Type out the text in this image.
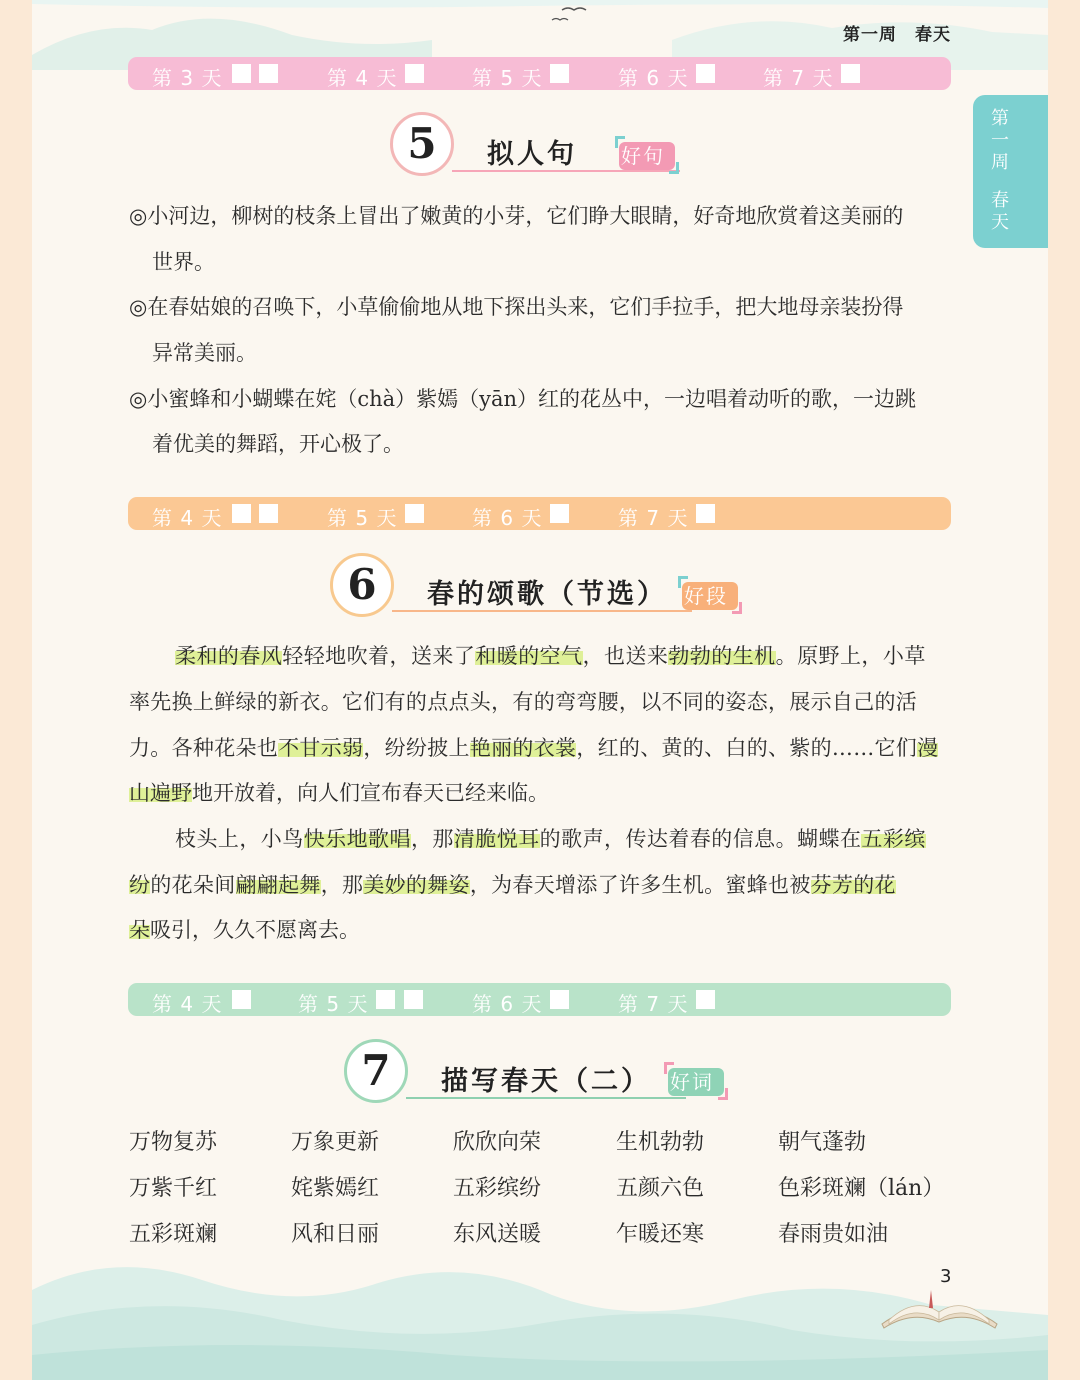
第一周　春天
第
一
周
春
天
第 3 天	第 4 天	第 5 天	第 6 天	第 7 天
5	拟人句 好句
◎小河边，柳树的枝条上冒出了嫩黄的小芽，它们睁大眼睛，好奇地欣赏着这美丽的
世界。
◎在春姑娘的召唤下，小草偷偷地从地下探出头来，它们手拉手，把大地母亲装扮得
异常美丽。
◎小蜜蜂和小蝴蝶在姹（chà）紫嫣（yān）红的花丛中，一边唱着动听的歌，一边跳
着优美的舞蹈，开心极了。
第 4 天	第 5 天	第 6 天	第 7 天
6	春的颂歌（节选） 好段
柔和的春风轻轻地吹着，送来了和暖的空气，也送来勃勃的生机。原野上，小草
率先换上鲜绿的新衣。它们有的点点头，有的弯弯腰，以不同的姿态，展示自己的活
力。各种花朵也不甘示弱，纷纷披上艳丽的衣裳，红的、黄的、白的、紫的……它们漫
山遍野地开放着，向人们宣布春天已经来临。
枝头上，小鸟快乐地歌唱，那清脆悦耳的歌声，传达着春的信息。蝴蝶在五彩缤
纷的花朵间翩翩起舞，那美妙的舞姿，为春天增添了许多生机。蜜蜂也被芬芳的花
朵吸引，久久不愿离去。
第 4 天	第 5 天	第 6 天	第 7 天
7	描写春天（二） 好词
万物复苏	万象更新	欣欣向荣	生机勃勃	朝气蓬勃
万紫千红	姹紫嫣红	五彩缤纷	五颜六色	色彩斑斓（lán）
五彩斑斓	风和日丽	东风送暖	乍暖还寒	春雨贵如油
3
